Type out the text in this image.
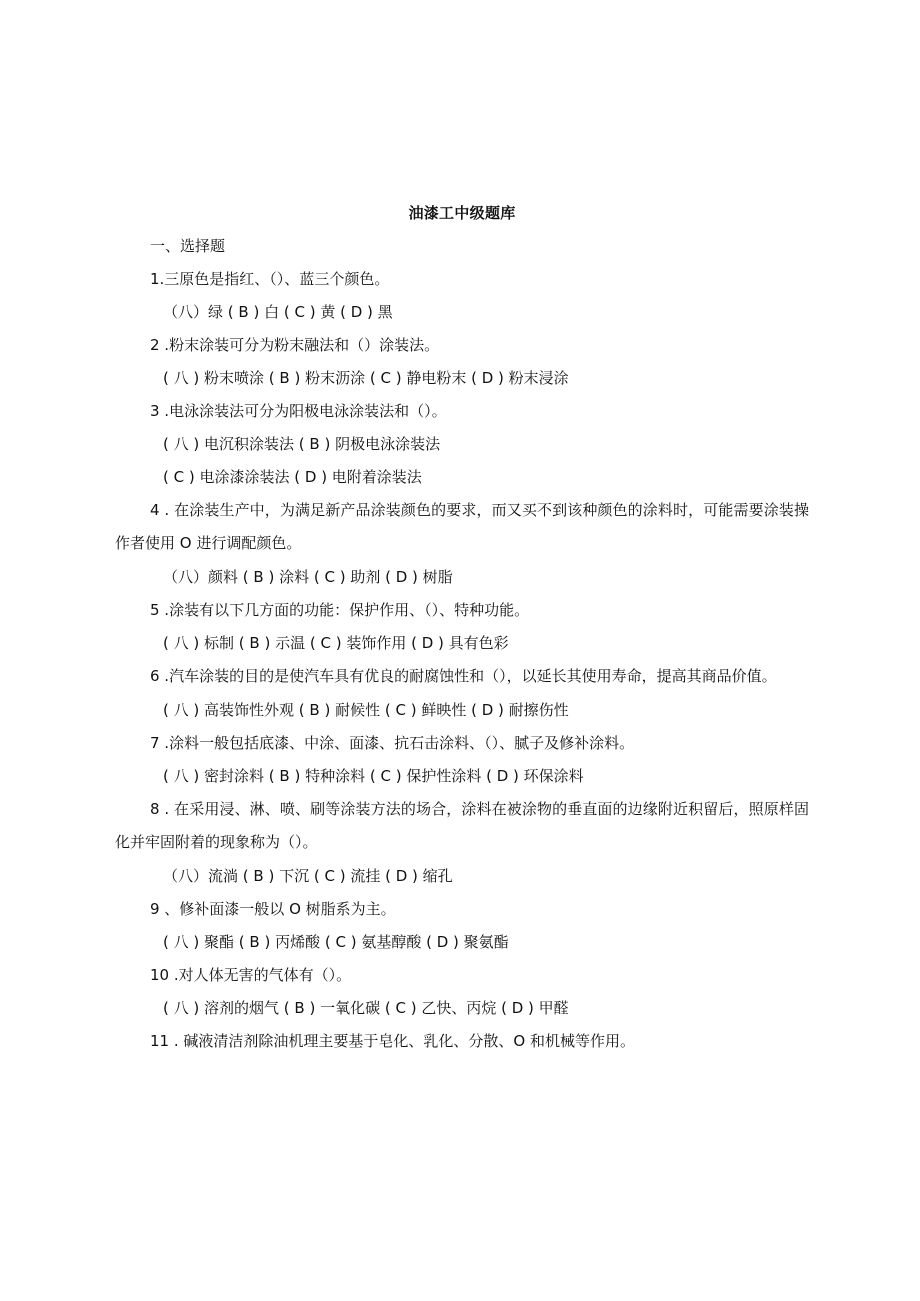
油漆工中级题库
一、选择题
1.三原色是指红、（）、蓝三个颜色。
（八）绿 ( B ) 白 ( C ) 黄 ( D ) 黑
2 .粉末涂装可分为粉末融法和（）涂装法。
( 八 ) 粉末喷涂 ( B ) 粉末沥涂 ( C ) 静电粉末 ( D ) 粉末浸涂
3 .电泳涂装法可分为阳极电泳涂装法和（）。
( 八 ) 电沉积涂装法 ( B ) 阴极电泳涂装法
( C ) 电涂漆涂装法 ( D ) 电附着涂装法
4 . 在涂装生产中，为满足新产品涂装颜色的要求，而又买不到该种颜色的涂料时，可能需要涂装操作者使用 O 进行调配颜色。
（八）颜料 ( B ) 涂料 ( C ) 助剂 ( D ) 树脂
5 .涂装有以下几方面的功能：保护作用、（）、特种功能。
( 八 ) 标制 ( B ) 示温 ( C ) 装饰作用 ( D ) 具有色彩
6 .汽车涂装的目的是使汽车具有优良的耐腐蚀性和（），以延长其使用寿命，提高其商品价值。
( 八 ) 高装饰性外观 ( B ) 耐候性 ( C ) 鲜映性 ( D ) 耐擦伤性
7 .涂料一般包括底漆、中涂、面漆、抗石击涂料、（）、腻子及修补涂料。
( 八 ) 密封涂料 ( B ) 特种涂料 ( C ) 保护性涂料 ( D ) 环保涂料
8 . 在采用浸、淋、喷、刷等涂装方法的场合，涂料在被涂物的垂直面的边缘附近积留后，照原样固化并牢固附着的现象称为（）。
（八）流淌 ( B ) 下沉 ( C ) 流挂 ( D ) 缩孔
9 、修补面漆一般以 O 树脂系为主。
( 八 ) 聚酯 ( B ) 丙烯酸 ( C ) 氨基醇酸 ( D ) 聚氨酯
10 .对人体无害的气体有（）。
( 八 ) 溶剂的烟气 ( B ) 一氧化碳 ( C ) 乙快、丙烷 ( D ) 甲醛
11 . 碱液清洁剂除油机理主要基于皂化、乳化、分散、O 和机械等作用。
